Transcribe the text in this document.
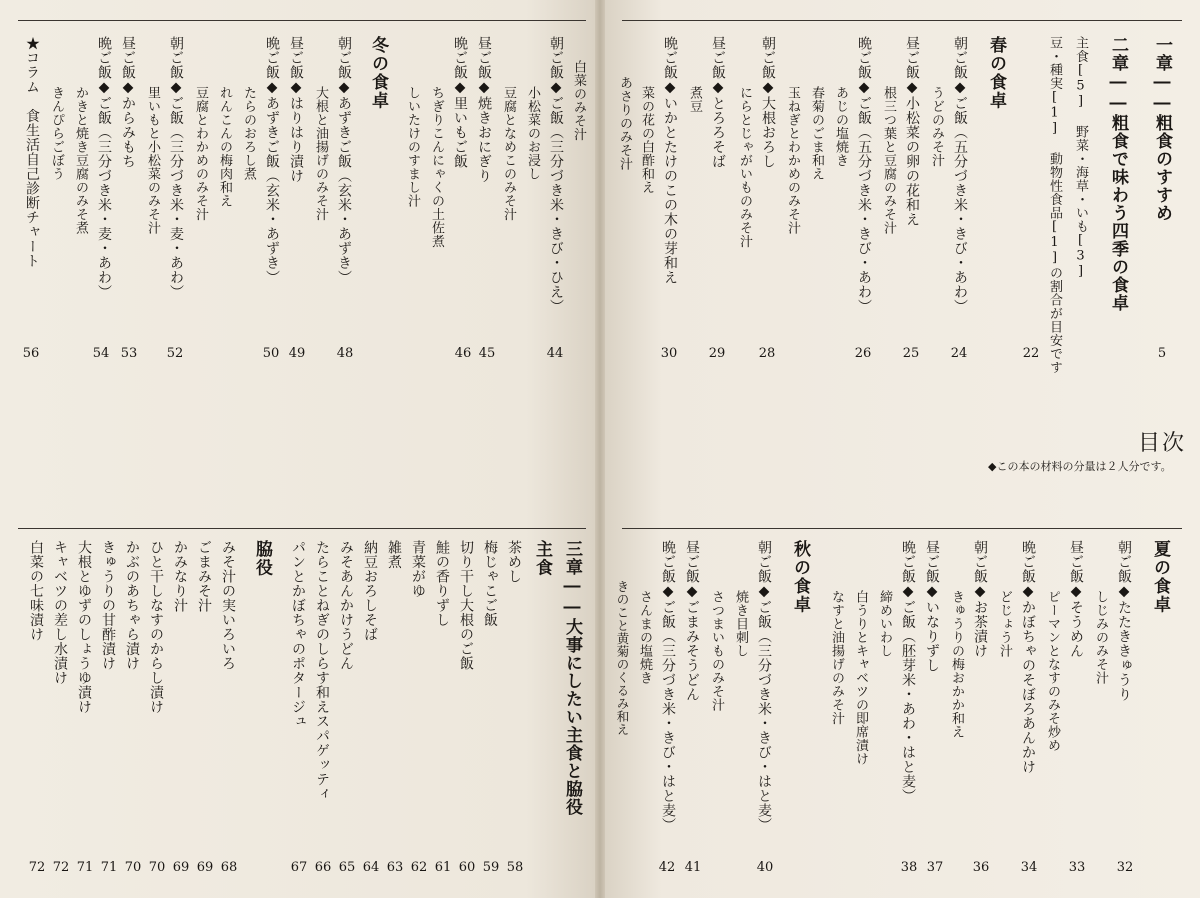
一章――粗食のすすめ
5
二章――粗食で味わう四季の食卓
主食[5] 野菜・海草・いも[3]
豆・種実[1] 動物性食品[1]の割合が目安です
22
春の食卓
朝ご飯◆ご飯（五分づき米・きび・あわ）
24
うどのみそ汁
昼ご飯◆小松菜の卵の花和え
25
根三つ葉と豆腐のみそ汁
晩ご飯◆ご飯（五分づき米・きび・あわ）
26
あじの塩焼き
春菊のごま和え
玉ねぎとわかめのみそ汁
朝ご飯◆大根おろし
28
にらとじゃがいものみそ汁
昼ご飯◆とろろそば
29
煮豆
晩ご飯◆いかとたけのこの木の芽和え
30
菜の花の白酢和え
あさりのみそ汁
目次
◆この本の材料の分量は２人分です。
白菜のみそ汁
朝ご飯◆ご飯（三分づき米・きび・ひえ）
44
小松菜のお浸し
豆腐となめこのみそ汁
昼ご飯◆焼きおにぎり
45
晩ご飯◆里いもご飯
46
ちぎりこんにゃくの土佐煮
しいたけのすまし汁
冬の食卓
朝ご飯◆あずきご飯（玄米・あずき）
48
大根と油揚げのみそ汁
昼ご飯◆はりはり漬け
49
晩ご飯◆あずきご飯（玄米・あずき）
50
たらのおろし煮
れんこんの梅肉和え
朝ご飯◆ご飯（三分づき米・麦・あわ）
52
豆腐とわかめのみそ汁
里いもと小松菜のみそ汁
昼ご飯◆からみもち
53
晩ご飯◆ご飯（三分づき米・麦・あわ）
54
かきと焼き豆腐のみそ煮
きんぴらごぼう
★コラム　食生活自己診断チャート
56
夏の食卓
朝ご飯◆たたききゅうり
32
しじみのみそ汁
昼ご飯◆そうめん
33
ピーマンとなすのみそ炒め
晩ご飯◆かぼちゃのそぼろあんかけ
34
どじょう汁
朝ご飯◆お茶漬け
36
きゅうりの梅おかか和え
昼ご飯◆いなりずし
37
晩ご飯◆ご飯（胚芽米・あわ・はと麦）
38
締めいわし
白うりとキャベツの即席漬け
なすと油揚げのみそ汁
秋の食卓
朝ご飯◆ご飯（三分づき米・きび・はと麦）
40
焼き目刺し
さつまいものみそ汁
昼ご飯◆ごまみそうどん
41
晩ご飯◆ご飯（三分づき米・きび・はと麦）
42
さんまの塩焼き
きのこと黄菊のくるみ和え
三章――大事にしたい主食と脇役
主食
茶めし
58
梅じゃこご飯
59
切り干し大根のご飯
60
鮭の香りずし
61
青菜がゆ
62
雑煮
63
納豆おろしそば
64
みそあんかけうどん
65
たらことねぎのしらす和えスパゲッティ
66
パンとかぼちゃのポタージュ
67
脇役
みそ汁の実いろいろ
68
ごまみそ汁
69
かみなり汁
69
ひと干しなすのからし漬け
70
かぶのあちゃら漬け
70
きゅうりの甘酢漬け
71
大根とゆずのしょうゆ漬け
71
キャベツの差し水漬け
72
白菜の七味漬け
72
